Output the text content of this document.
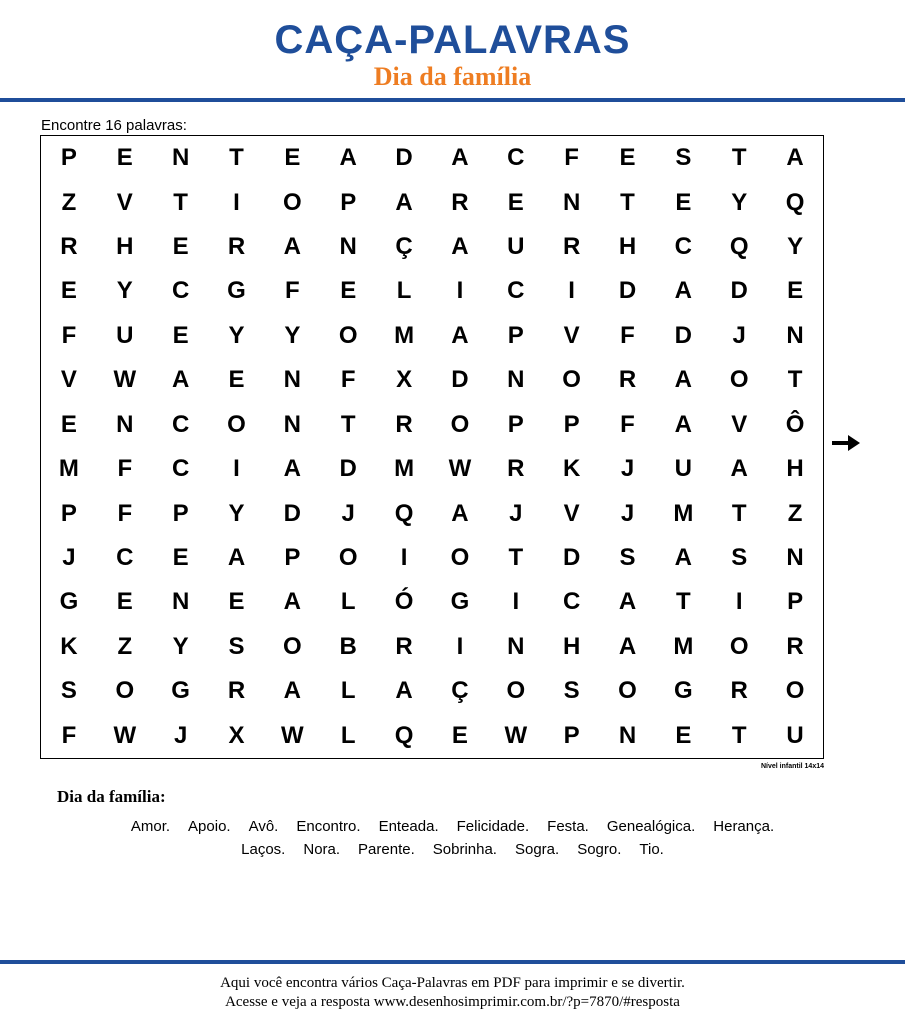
CAÇA-PALAVRAS
Dia da família
Encontre 16 palavras:
P	E	N	T	E	A	D	A	C	F	E	S	T	A
Z	V	T	I	O	P	A	R	E	N	T	E	Y	Q
R	H	E	R	A	N	Ç	A	U	R	H	C	Q	Y
E	Y	C	G	F	E	L	I	C	I	D	A	D	E
F	U	E	Y	Y	O	M	A	P	V	F	D	J	N
V	W	A	E	N	F	X	D	N	O	R	A	O	T
E	N	C	O	N	T	R	O	P	P	F	A	V	Ô
M	F	C	I	A	D	M	W	R	K	J	U	A	H
P	F	P	Y	D	J	Q	A	J	V	J	M	T	Z
J	C	E	A	P	O	I	O	T	D	S	A	S	N
G	E	N	E	A	L	Ó	G	I	C	A	T	I	P
K	Z	Y	S	O	B	R	I	N	H	A	M	O	R
S	O	G	R	A	L	A	Ç	O	S	O	G	R	O
F	W	J	X	W	L	Q	E	W	P	N	E	T	U
Nível infantil 14x14
Dia da família:
Amor. Apoio. Avô. Encontro. Enteada. Felicidade. Festa. Genealógica. Herança.
Laços. Nora. Parente. Sobrinha. Sogra. Sogro. Tio.
Aqui você encontra vários Caça-Palavras em PDF para imprimir e se divertir.
Acesse e veja a resposta www.desenhosimprimir.com.br/?p=7870/#resposta
